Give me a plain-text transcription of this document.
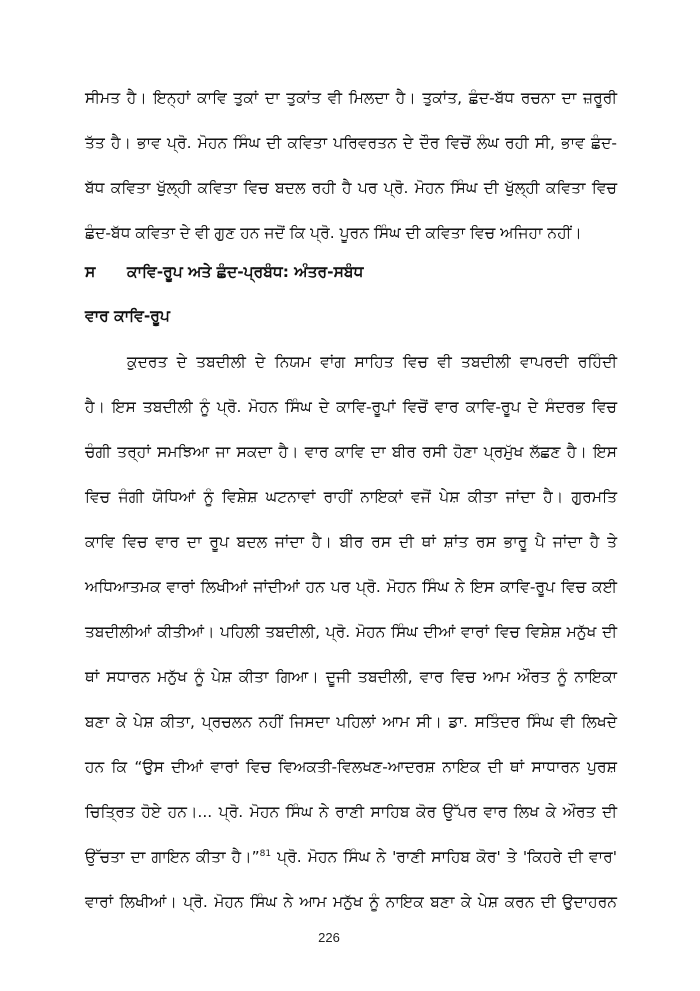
ਸੀਮਤ ਹੈ। ਇਨ੍ਹਾਂ ਕਾਵਿ ਤੁਕਾਂ ਦਾ ਤੁਕਾਂਤ ਵੀ ਮਿਲਦਾ ਹੈ। ਤੁਕਾਂਤ, ਛੰਦ-ਬੱਧ ਰਚਨਾ ਦਾ ਜ਼ਰੂਰੀ
ਤੱਤ ਹੈ। ਭਾਵ ਪ੍ਰੋ. ਮੋਹਨ ਸਿੰਘ ਦੀ ਕਵਿਤਾ ਪਰਿਵਰਤਨ ਦੇ ਦੌਰ ਵਿਚੋਂ ਲੰਘ ਰਹੀ ਸੀ, ਭਾਵ ਛੰਦ-
ਬੱਧ ਕਵਿਤਾ ਖੁੱਲ੍ਹੀ ਕਵਿਤਾ ਵਿਚ ਬਦਲ ਰਹੀ ਹੈ ਪਰ ਪ੍ਰੋ. ਮੋਹਨ ਸਿੰਘ ਦੀ ਖੁੱਲ੍ਹੀ ਕਵਿਤਾ ਵਿਚ
ਛੰਦ-ਬੱਧ ਕਵਿਤਾ ਦੇ ਵੀ ਗੁਣ ਹਨ ਜਦੋਂ ਕਿ ਪ੍ਰੋ. ਪੂਰਨ ਸਿੰਘ ਦੀ ਕਵਿਤਾ ਵਿਚ ਅਜਿਹਾ ਨਹੀਂ।
ਸ ਕਾਵਿ-ਰੂਪ ਅਤੇ ਛੰਦ-ਪ੍ਰਬੰਧ: ਅੰਤਰ-ਸਬੰਧ
ਵਾਰ ਕਾਵਿ-ਰੂਪ
ਕੁਦਰਤ ਦੇ ਤਬਦੀਲੀ ਦੇ ਨਿਯਮ ਵਾਂਗ ਸਾਹਿਤ ਵਿਚ ਵੀ ਤਬਦੀਲੀ ਵਾਪਰਦੀ ਰਹਿੰਦੀ
ਹੈ। ਇਸ ਤਬਦੀਲੀ ਨੂੰ ਪ੍ਰੋ. ਮੋਹਨ ਸਿੰਘ ਦੇ ਕਾਵਿ-ਰੂਪਾਂ ਵਿਚੋਂ ਵਾਰ ਕਾਵਿ-ਰੂਪ ਦੇ ਸੰਦਰਭ ਵਿਚ
ਚੰਗੀ ਤਰ੍ਹਾਂ ਸਮਝਿਆ ਜਾ ਸਕਦਾ ਹੈ। ਵਾਰ ਕਾਵਿ ਦਾ ਬੀਰ ਰਸੀ ਹੋਣਾ ਪ੍ਰਮੁੱਖ ਲੱਛਣ ਹੈ। ਇਸ
ਵਿਚ ਜੰਗੀ ਯੋਧਿਆਂ ਨੂੰ ਵਿਸ਼ੇਸ਼ ਘਟਨਾਵਾਂ ਰਾਹੀਂ ਨਾਇਕਾਂ ਵਜੋਂ ਪੇਸ਼ ਕੀਤਾ ਜਾਂਦਾ ਹੈ। ਗੁਰਮਤਿ
ਕਾਵਿ ਵਿਚ ਵਾਰ ਦਾ ਰੂਪ ਬਦਲ ਜਾਂਦਾ ਹੈ। ਬੀਰ ਰਸ ਦੀ ਥਾਂ ਸ਼ਾਂਤ ਰਸ ਭਾਰੂ ਪੈ ਜਾਂਦਾ ਹੈ ਤੇ
ਅਧਿਆਤਮਕ ਵਾਰਾਂ ਲਿਖੀਆਂ ਜਾਂਦੀਆਂ ਹਨ ਪਰ ਪ੍ਰੋ. ਮੋਹਨ ਸਿੰਘ ਨੇ ਇਸ ਕਾਵਿ-ਰੂਪ ਵਿਚ ਕਈ
ਤਬਦੀਲੀਆਂ ਕੀਤੀਆਂ। ਪਹਿਲੀ ਤਬਦੀਲੀ, ਪ੍ਰੋ. ਮੋਹਨ ਸਿੰਘ ਦੀਆਂ ਵਾਰਾਂ ਵਿਚ ਵਿਸ਼ੇਸ਼ ਮਨੁੱਖ ਦੀ
ਥਾਂ ਸਧਾਰਨ ਮਨੁੱਖ ਨੂੰ ਪੇਸ਼ ਕੀਤਾ ਗਿਆ। ਦੂਜੀ ਤਬਦੀਲੀ, ਵਾਰ ਵਿਚ ਆਮ ਔਰਤ ਨੂੰ ਨਾਇਕਾ
ਬਣਾ ਕੇ ਪੇਸ਼ ਕੀਤਾ, ਪ੍ਰਚਲਨ ਨਹੀਂ ਜਿਸਦਾ ਪਹਿਲਾਂ ਆਮ ਸੀ। ਡਾ. ਸਤਿੰਦਰ ਸਿੰਘ ਵੀ ਲਿਖਦੇ
ਹਨ ਕਿ “ਉਸ ਦੀਆਂ ਵਾਰਾਂ ਵਿਚ ਵਿਅਕਤੀ-ਵਿਲਖਣ-ਆਦਰਸ਼ ਨਾਇਕ ਦੀ ਥਾਂ ਸਾਧਾਰਨ ਪੁਰਸ਼
ਚਿਤ੍ਰਿਤ ਹੋਏ ਹਨ।... ਪ੍ਰੋ. ਮੋਹਨ ਸਿੰਘ ਨੇ ਰਾਣੀ ਸਾਹਿਬ ਕੋਰ ਉੱਪਰ ਵਾਰ ਲਿਖ ਕੇ ਔਰਤ ਦੀ
ਉੱਚਤਾ ਦਾ ਗਾਇਨ ਕੀਤਾ ਹੈ।”$^{81}$ ਪ੍ਰੋ. ਮੋਹਨ ਸਿੰਘ ਨੇ 'ਰਾਣੀ ਸਾਹਿਬ ਕੋਰ' ਤੇ 'ਕਿਹਰੇ ਦੀ ਵਾਰ'
ਵਾਰਾਂ ਲਿਖੀਆਂ। ਪ੍ਰੋ. ਮੋਹਨ ਸਿੰਘ ਨੇ ਆਮ ਮਨੁੱਖ ਨੂੰ ਨਾਇਕ ਬਣਾ ਕੇ ਪੇਸ਼ ਕਰਨ ਦੀ ਉਦਾਹਰਨ
226
